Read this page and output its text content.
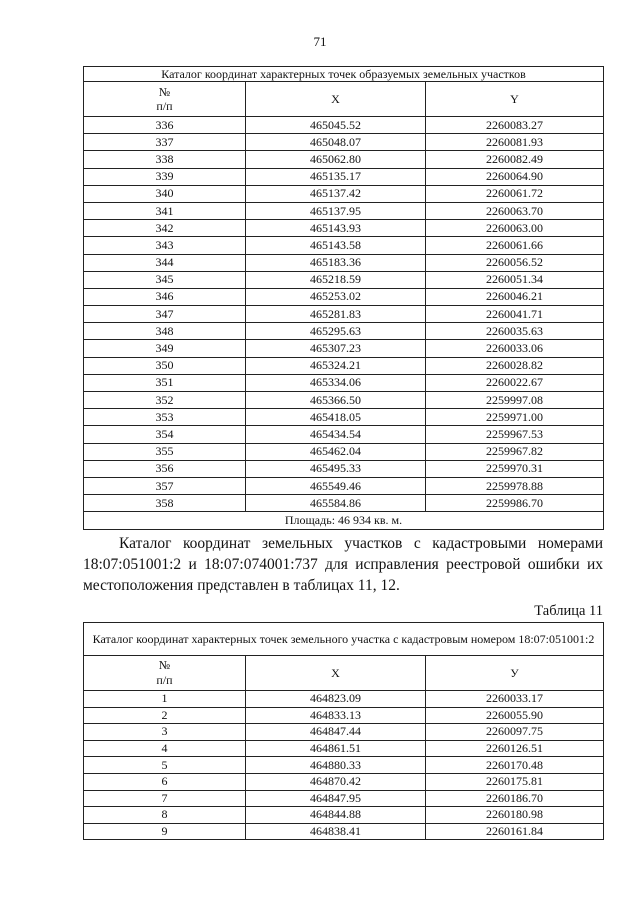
71
Каталог координат характерных точек образуемых земельных участков		
№
п/п	X	Y
336	465045.52	2260083.27
337	465048.07	2260081.93
338	465062.80	2260082.49
339	465135.17	2260064.90
340	465137.42	2260061.72
341	465137.95	2260063.70
342	465143.93	2260063.00
343	465143.58	2260061.66
344	465183.36	2260056.52
345	465218.59	2260051.34
346	465253.02	2260046.21
347	465281.83	2260041.71
348	465295.63	2260035.63
349	465307.23	2260033.06
350	465324.21	2260028.82
351	465334.06	2260022.67
352	465366.50	2259997.08
353	465418.05	2259971.00
354	465434.54	2259967.53
355	465462.04	2259967.82
356	465495.33	2259970.31
357	465549.46	2259978.88
358	465584.86	2259986.70
Площадь: 46 934 кв. м.		
Каталог координат земельных участков с кадастровыми номерами 18:07:051001:2 и 18:07:074001:737 для исправления реестровой ошибки их местоположения представлен в таблицах 11, 12.
Таблица 11
Каталог координат характерных точек земельного участка с кадастровым номером 18:07:051001:2		
№
п/п	X	У
1	464823.09	2260033.17
2	464833.13	2260055.90
3	464847.44	2260097.75
4	464861.51	2260126.51
5	464880.33	2260170.48
6	464870.42	2260175.81
7	464847.95	2260186.70
8	464844.88	2260180.98
9	464838.41	2260161.84
